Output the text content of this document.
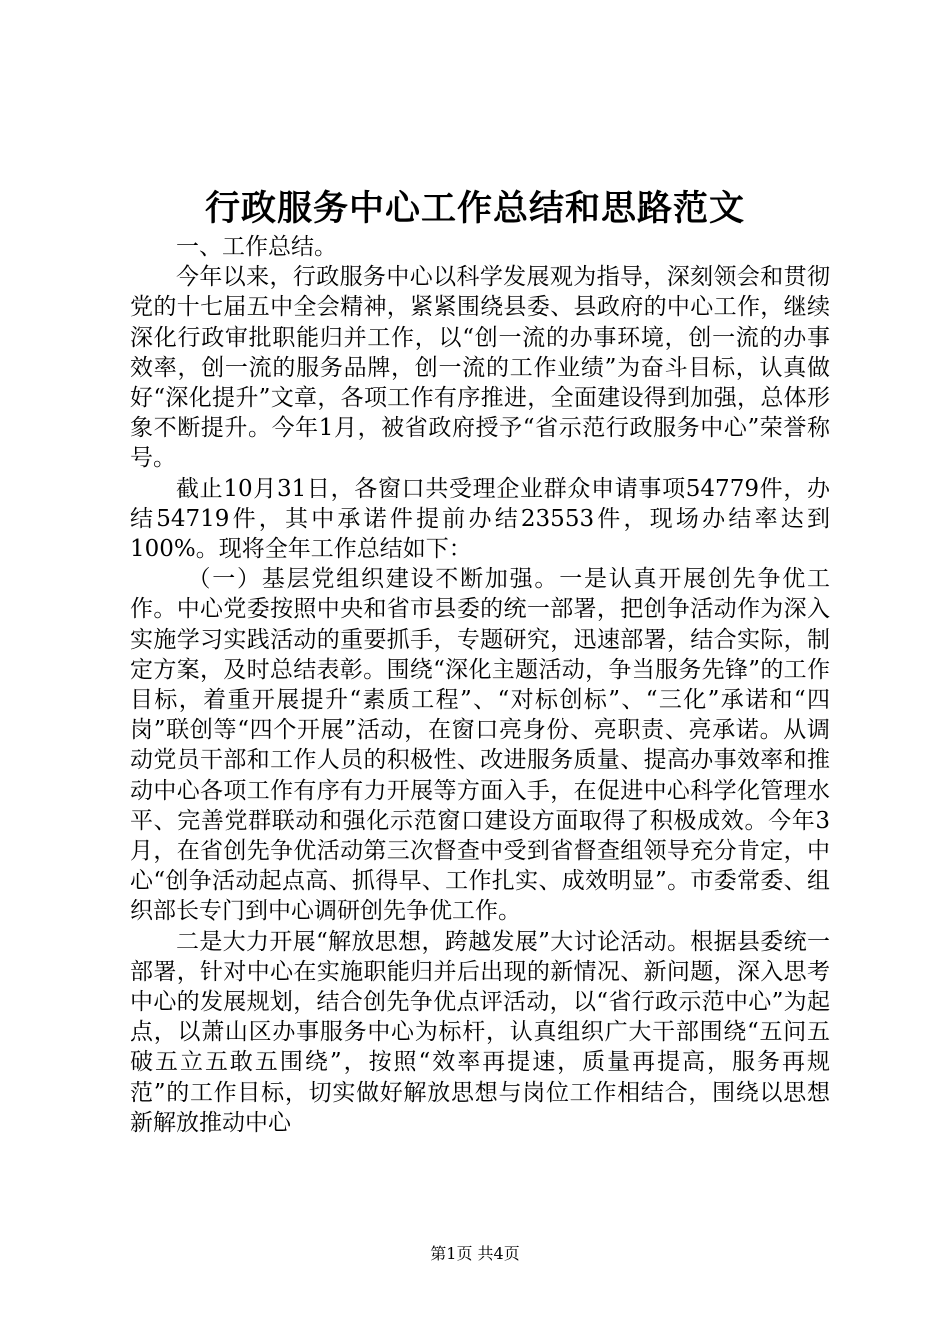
行政服务中心工作总结和思路范文

一、工作总结。

今年以来，行政服务中心以科学发展观为指导，深刻领会和贯彻党的十七届五中全会精神，紧紧围绕县委、县政府的中心工作，继续深化行政审批职能归并工作，以“创一流的办事环境，创一流的办事效率，创一流的服务品牌，创一流的工作业绩”为奋斗目标，认真做好“深化提升”文章，各项工作有序推进，全面建设得到加强，总体形象不断提升。今年1月，被省政府授予“省示范行政服务中心”荣誉称号。

截止10月31日，各窗口共受理企业群众申请事项54779件，办结54719件，其中承诺件提前办结23553件，现场办结率达到100%。现将全年工作总结如下：

（一）基层党组织建设不断加强。一是认真开展创先争优工作。中心党委按照中央和省市县委的统一部署，把创争活动作为深入实施学习实践活动的重要抓手，专题研究，迅速部署，结合实际，制定方案，及时总结表彰。围绕“深化主题活动，争当服务先锋”的工作目标，着重开展提升“素质工程”、“对标创标”、“三化”承诺和“四岗”联创等“四个开展”活动，在窗口亮身份、亮职责、亮承诺。从调动党员干部和工作人员的积极性、改进服务质量、提高办事效率和推动中心各项工作有序有力开展等方面入手，在促进中心科学化管理水平、完善党群联动和强化示范窗口建设方面取得了积极成效。今年3月，在省创先争优活动第三次督查中受到省督查组领导充分肯定，中心“创争活动起点高、抓得早、工作扎实、成效明显”。市委常委、组织部长专门到中心调研创先争优工作。

二是大力开展“解放思想，跨越发展”大讨论活动。根据县委统一部署，针对中心在实施职能归并后出现的新情况、新问题，深入思考中心的发展规划，结合创先争优点评活动，以“省行政示范中心”为起点，以萧山区办事服务中心为标杆，认真组织广大干部围绕“五问五破五立五敢五围绕”，按照“效率再提速，质量再提高，服务再规范”的工作目标，切实做好解放思想与岗位工作相结合，围绕以思想新解放推动中心

第1页 共4页
